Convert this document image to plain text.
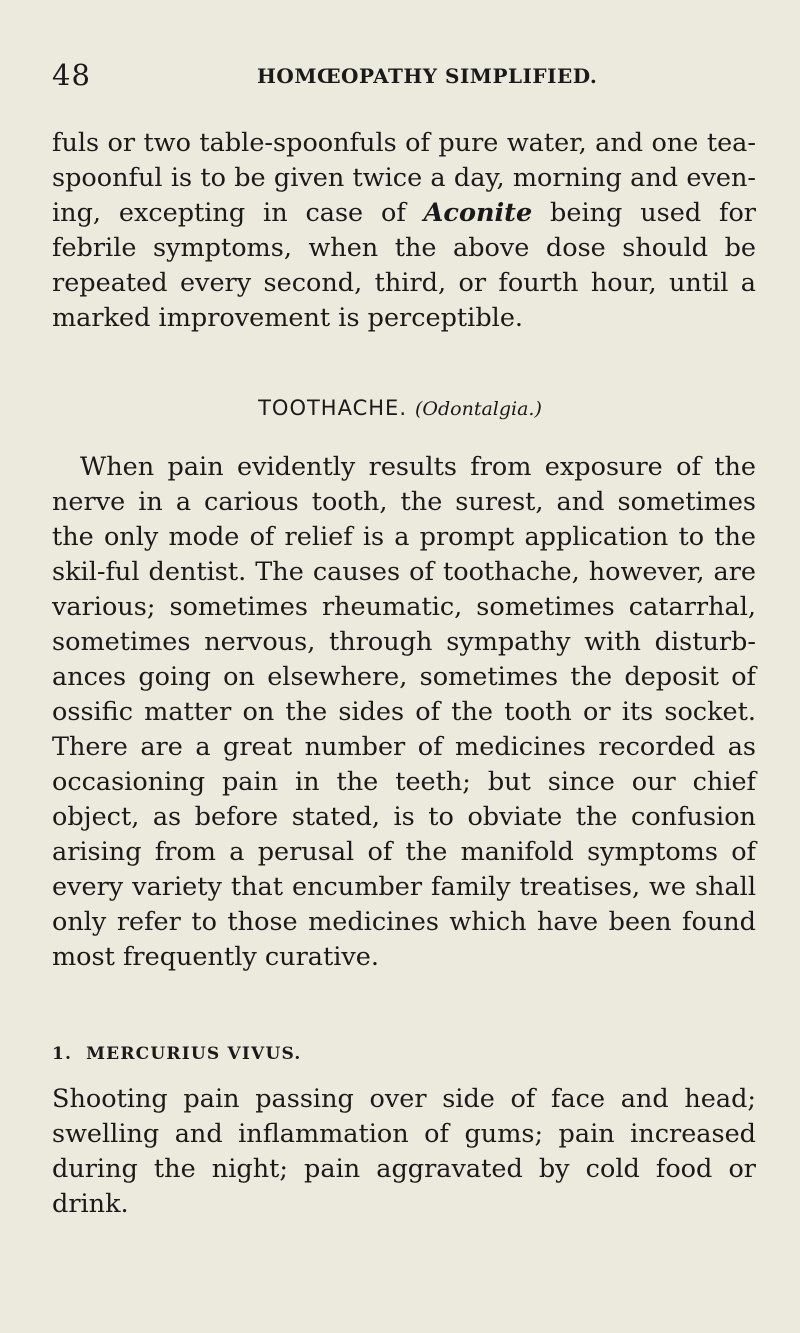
48	HOMŒOPATHY SIMPLIFIED.

fuls or two table-spoonfuls of pure water, and one tea-spoonful is to be given twice a day, morning and even-ing, excepting in case of Aconite being used for febrile symptoms, when the above dose should be repeated every second, third, or fourth hour, until a marked improvement is perceptible.

TOOTHACHE. (Odontalgia.)

When pain evidently results from exposure of the nerve in a carious tooth, the surest, and sometimes the only mode of relief is a prompt application to the skil-ful dentist. The causes of toothache, however, are various; sometimes rheumatic, sometimes catarrhal, sometimes nervous, through sympathy with disturb-ances going on elsewhere, sometimes the deposit of ossific matter on the sides of the tooth or its socket. There are a great number of medicines recorded as occasioning pain in the teeth; but since our chief object, as before stated, is to obviate the confusion arising from a perusal of the manifold symptoms of every variety that encumber family treatises, we shall only refer to those medicines which have been found most frequently curative.

1. MERCURIUS VIVUS.

Shooting pain passing over side of face and head; swelling and inflammation of gums; pain increased during the night; pain aggravated by cold food or drink.
